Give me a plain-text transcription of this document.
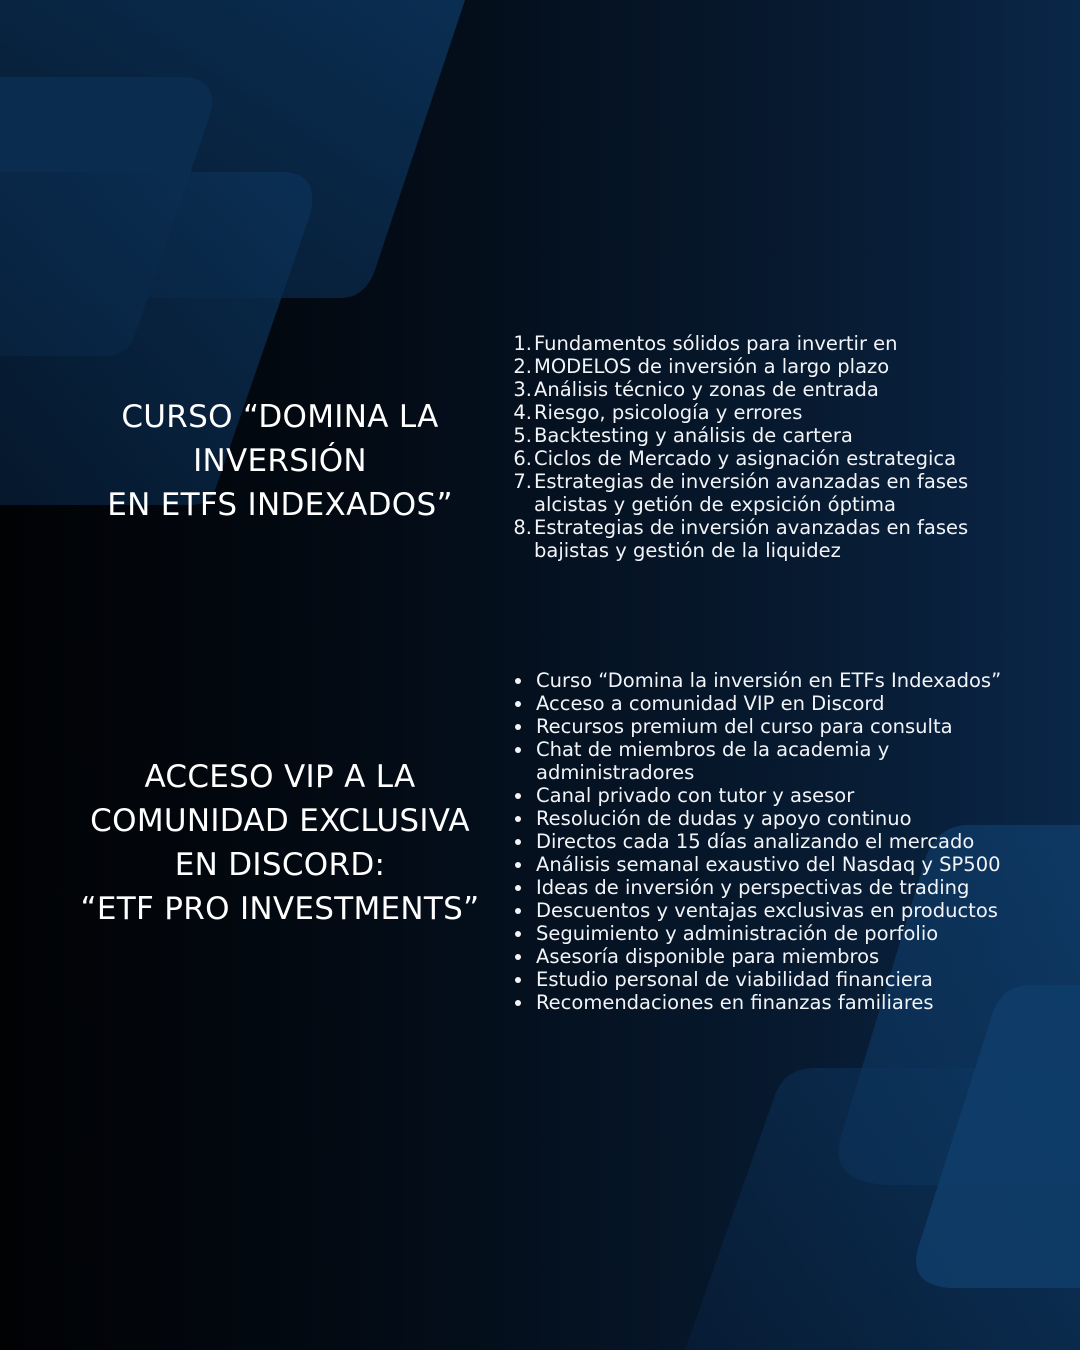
CURSO “DOMINA LA
INVERSIÓN
EN ETFS INDEXADOS”
1. Fundamentos sólidos para invertir en
2. MODELOS de inversión a largo plazo
3. Análisis técnico y zonas de entrada
4. Riesgo, psicología y errores
5. Backtesting y análisis de cartera
6. Ciclos de Mercado y asignación estrategica
7. Estrategias de inversión avanzadas en fases
alcistas y getión de expsición óptima
8. Estrategias de inversión avanzadas en fases
bajistas y gestión de la liquidez
ACCESO VIP A LA
COMUNIDAD EXCLUSIVA
EN DISCORD:
“ETF PRO INVESTMENTS”
Curso “Domina la inversión en ETFs Indexados”
Acceso a comunidad VIP en Discord
Recursos premium del curso para consulta
Chat de miembros de la academia y
administradores
Canal privado con tutor y asesor
Resolución de dudas y apoyo continuo
Directos cada 15 días analizando el mercado
Análisis semanal exaustivo del Nasdaq y SP500
Ideas de inversión y perspectivas de trading
Descuentos y ventajas exclusivas en productos
Seguimiento y administración de porfolio
Asesoría disponible para miembros
Estudio personal de viabilidad financiera
Recomendaciones en finanzas familiares
